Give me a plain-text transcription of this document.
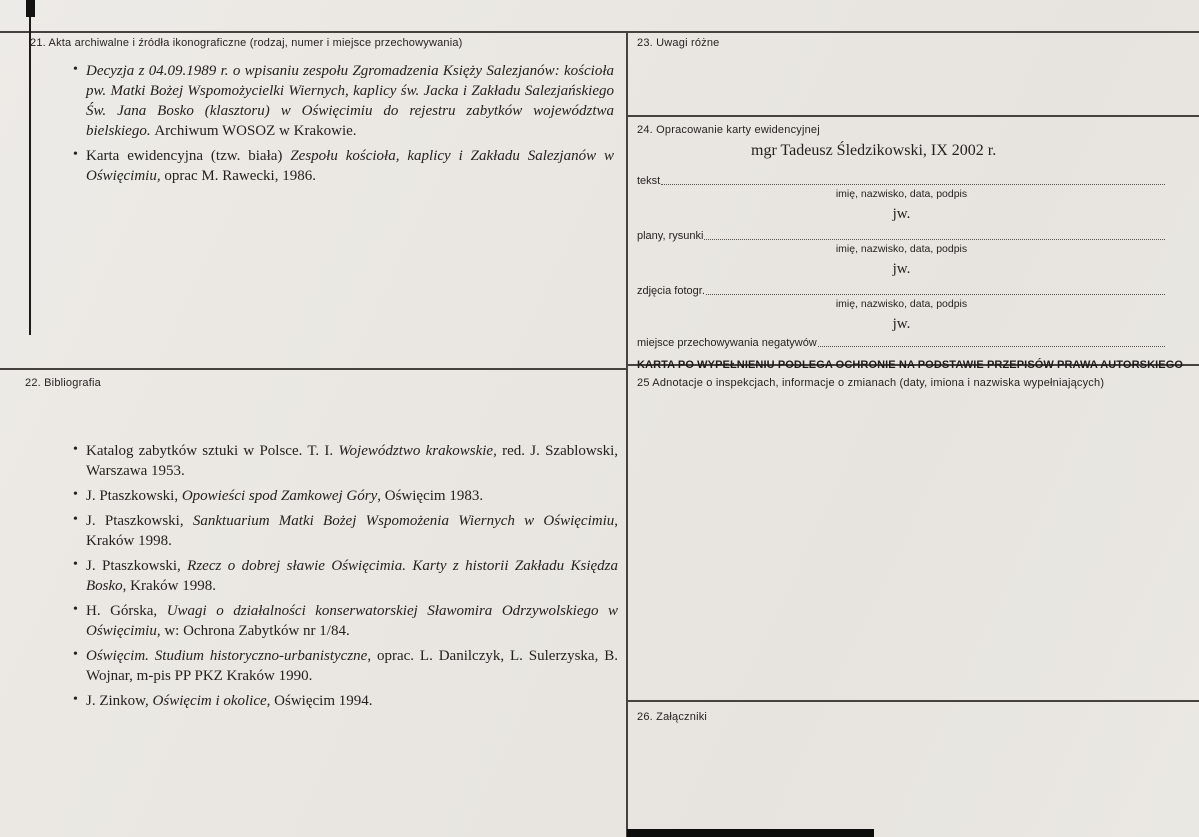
21. Akta archiwalne i źródła ikonograficzne (rodzaj, numer i miejsce przechowywania)
• Decyzja z 04.09.1989 r. o wpisaniu zespołu Zgromadzenia Księży Salezjanów: kościoła pw. Matki Bożej Wspomożycielki Wiernych, kaplicy św. Jacka i Zakładu Salezjańskiego Św. Jana Bosko (klasztoru) w Oświęcimiu do rejestru zabytków województwa bielskiego. Archiwum WOSOZ w Krakowie.
• Karta ewidencyjna (tzw. biała) Zespołu kościoła, kaplicy i Zakładu Salezjanów w Oświęcimiu, oprac M. Rawecki, 1986.
22. Bibliografia
• Katalog zabytków sztuki w Polsce. T. I. Województwo krakowskie, red. J. Szablowski, Warszawa 1953.
• J. Ptaszkowski, Opowieści spod Zamkowej Góry, Oświęcim 1983.
• J. Ptaszkowski, Sanktuarium Matki Bożej Wspomożenia Wiernych w Oświęcimiu, Kraków 1998.
• J. Ptaszkowski, Rzecz o dobrej sławie Oświęcimia. Karty z historii Zakładu Księdza Bosko, Kraków 1998.
• H. Górska, Uwagi o działalności konserwatorskiej Sławomira Odrzywolskiego w Oświęcimiu, w: Ochrona Zabytków nr 1/84.
• Oświęcim. Studium historyczno-urbanistyczne, oprac. L. Danilczyk, L. Sulerzyska, B. Wojnar, m-pis PP PKZ Kraków 1990.
• J. Zinkow, Oświęcim i okolice, Oświęcim 1994.
23. Uwagi różne
24. Opracowanie karty ewidencyjnej
mgr Tadeusz Śledzikowski, IX 2002 r.
tekst
imię, nazwisko, data, podpis
jw.
plany, rysunki
imię, nazwisko, data, podpis
jw.
zdjęcia fotogr.
imię, nazwisko, data, podpis
jw.
miejsce przechowywania negatywów
KARTA PO WYPEŁNIENIU PODLEGA OCHRONIE NA PODSTAWIE PRZEPISÓW PRAWA AUTORSKIEGO
25 Adnotacje o inspekcjach, informacje o zmianach (daty, imiona i nazwiska wypełniających)
26. Załączniki
